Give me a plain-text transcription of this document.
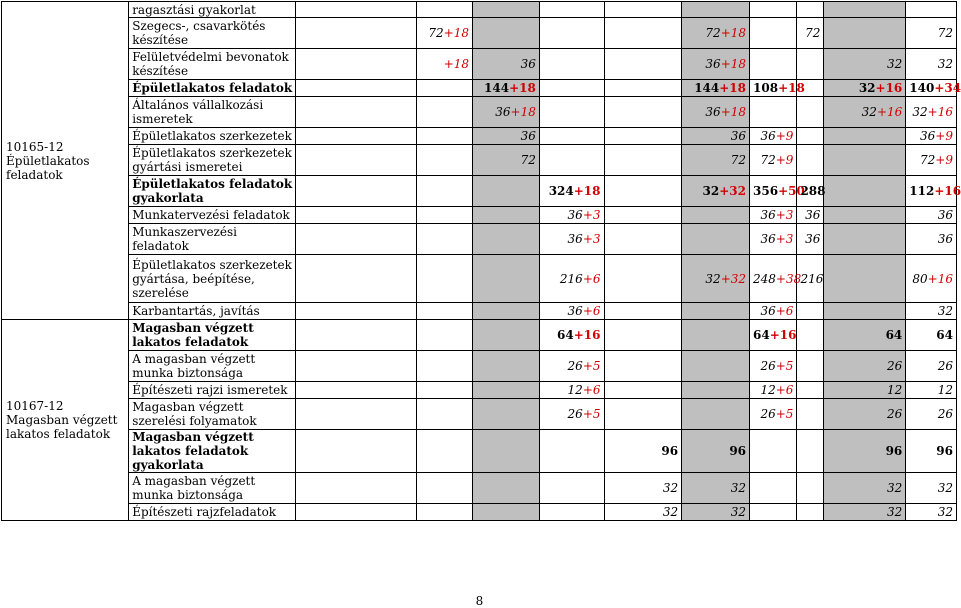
10165-12 Épületlakatos feladatok	ragasztási gyakorlat										
	Szegecs-, csavarkötés készítése		72+18				72+18		72		72
	Felületvédelmi bevonatok készítése		+18	36			36+18			32	32
	Épületlakatos feladatok			144+18			144+18	108+18		32+16	140+34
	Általános vállalkozási ismeretek			36+18			36+18			32+16	32+16
	Épületlakatos szerkezetek			36			36	36+9			36+9
	Épületlakatos szerkezetek gyártási ismeretei			72			72	72+9			72+9
	Épületlakatos feladatok gyakorlata				324+18		32+32	356+50	288		112+16
	Munkatervezési feladatok				36+3			36+3	36		36
	Munkaszervezési feladatok				36+3			36+3	36		36
	Épületlakatos szerkezetek gyártása, beépítése, szerelése				216+6		32+32	248+38	216		80+16
	Karbantartás, javítás				36+6			36+6			32
10167-12 Magasban végzett lakatos feladatok	Magasban végzett lakatos feladatok				64+16			64+16		64	64
	A magasban végzett munka biztonsága				26+5			26+5		26	26
	Építészeti rajzi ismeretek				12+6			12+6		12	12
	Magasban végzett szerelési folyamatok				26+5			26+5		26	26
	Magasban végzett lakatos feladatok gyakorlata					96	96			96	96
	A magasban végzett munka biztonsága					32	32			32	32
	Építészeti rajzfeladatok					32	32			32	32
8
